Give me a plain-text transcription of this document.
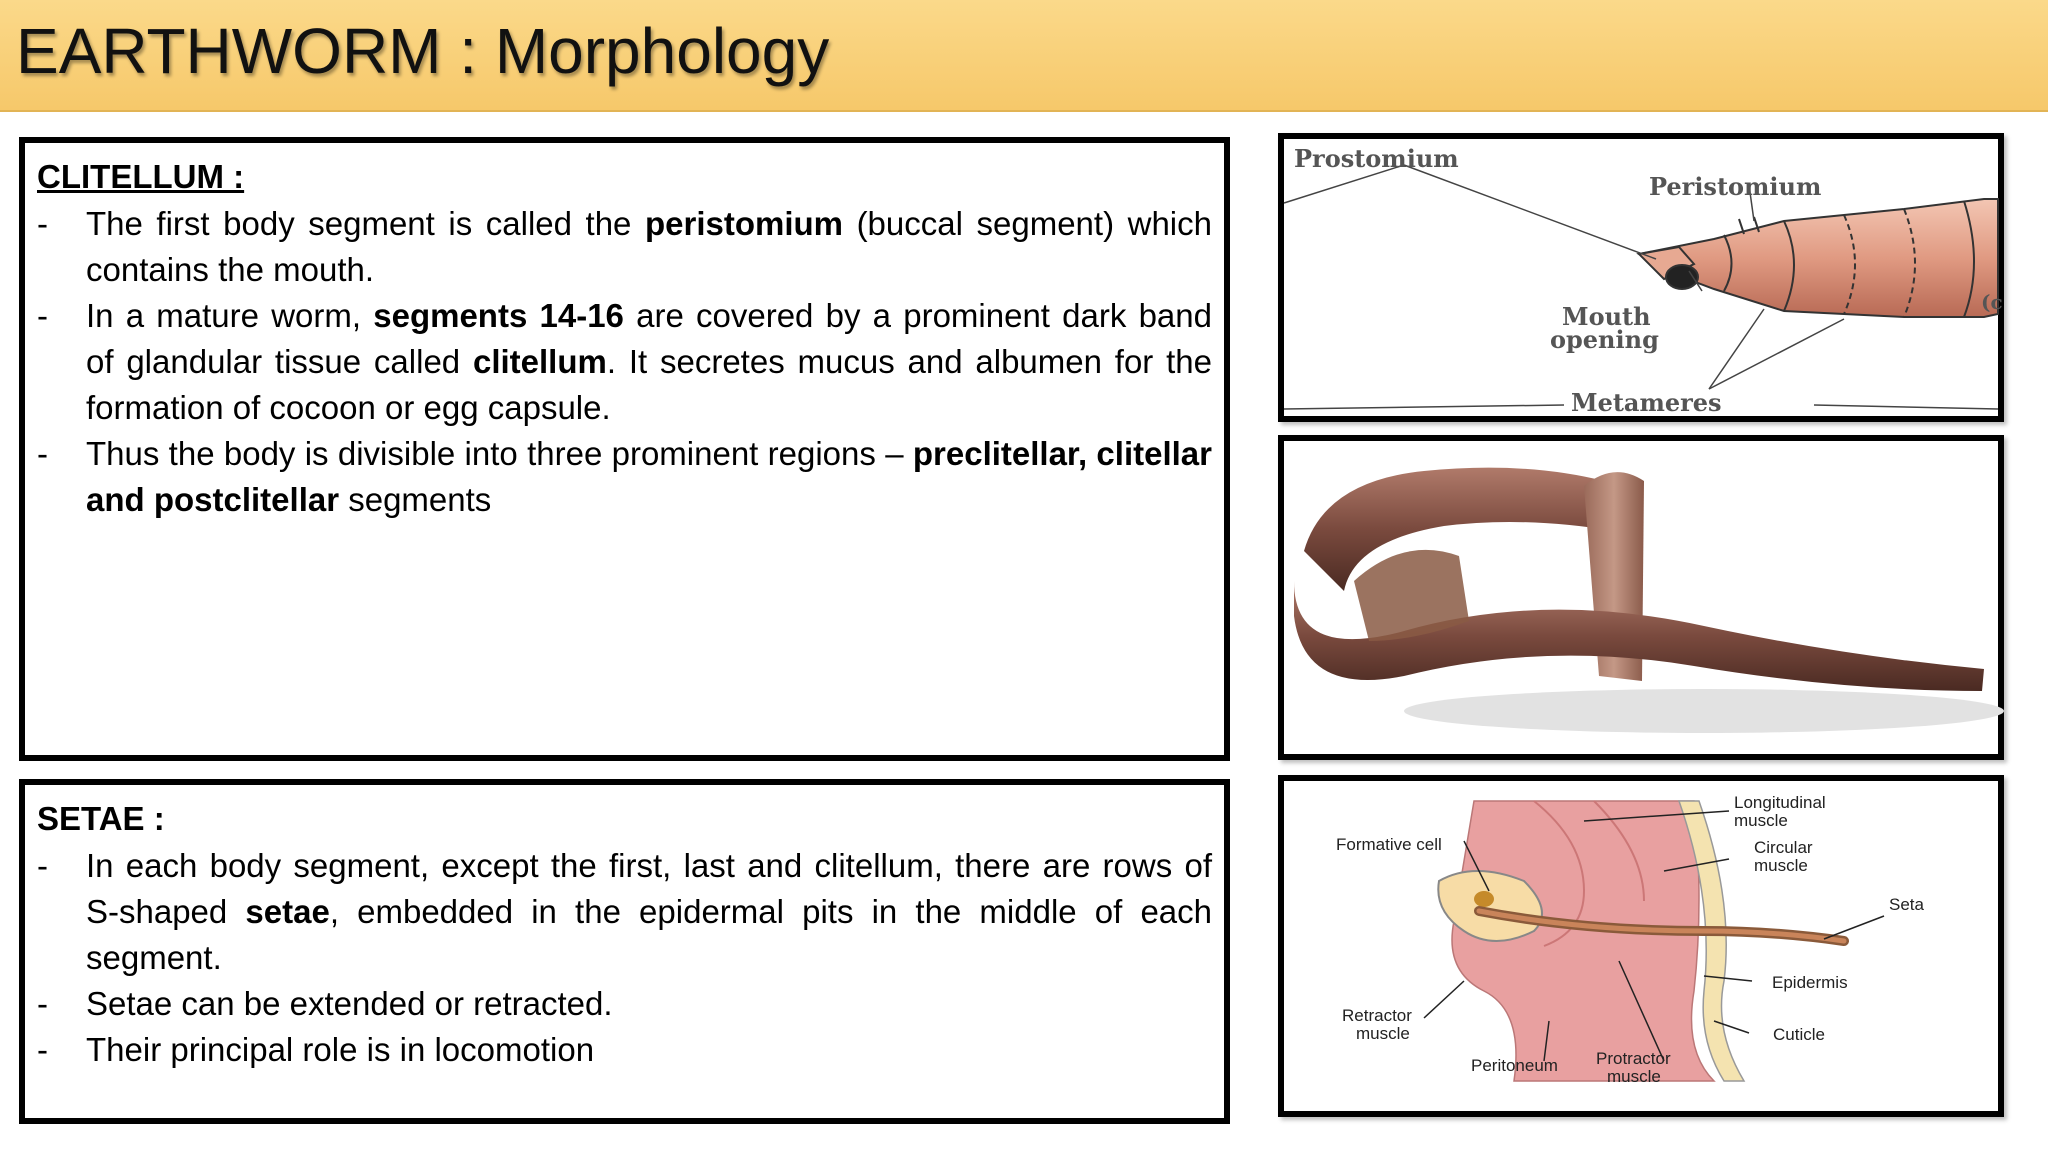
EARTHWORM : Morphology

CLITELLUM :

- The first body segment is called the peristomium (buccal segment) which contains the mouth.

- In a mature worm, segments 14-16 are covered by a prominent dark band of glandular tissue called clitellum. It secretes mucus and albumen for the formation of cocoon or egg capsule.

- Thus the body is divisible into three prominent regions – preclitellar, clitellar and postclitellar segments

SETAE :

- In each body segment, except the first, last and clitellum, there are rows of S-shaped setae, embedded in the epidermal pits in the middle of each segment.

- Setae can be extended or retracted.

- Their principal role is in locomotion

Prostomium
Peristomium
Mouth
opening
Metameres
(c
Longitudinal
muscle
Formative cell	Circular
muscle
Seta
Epidermis
Retractor
muscle	Cuticle
Peritoneum Protractor
muscle
